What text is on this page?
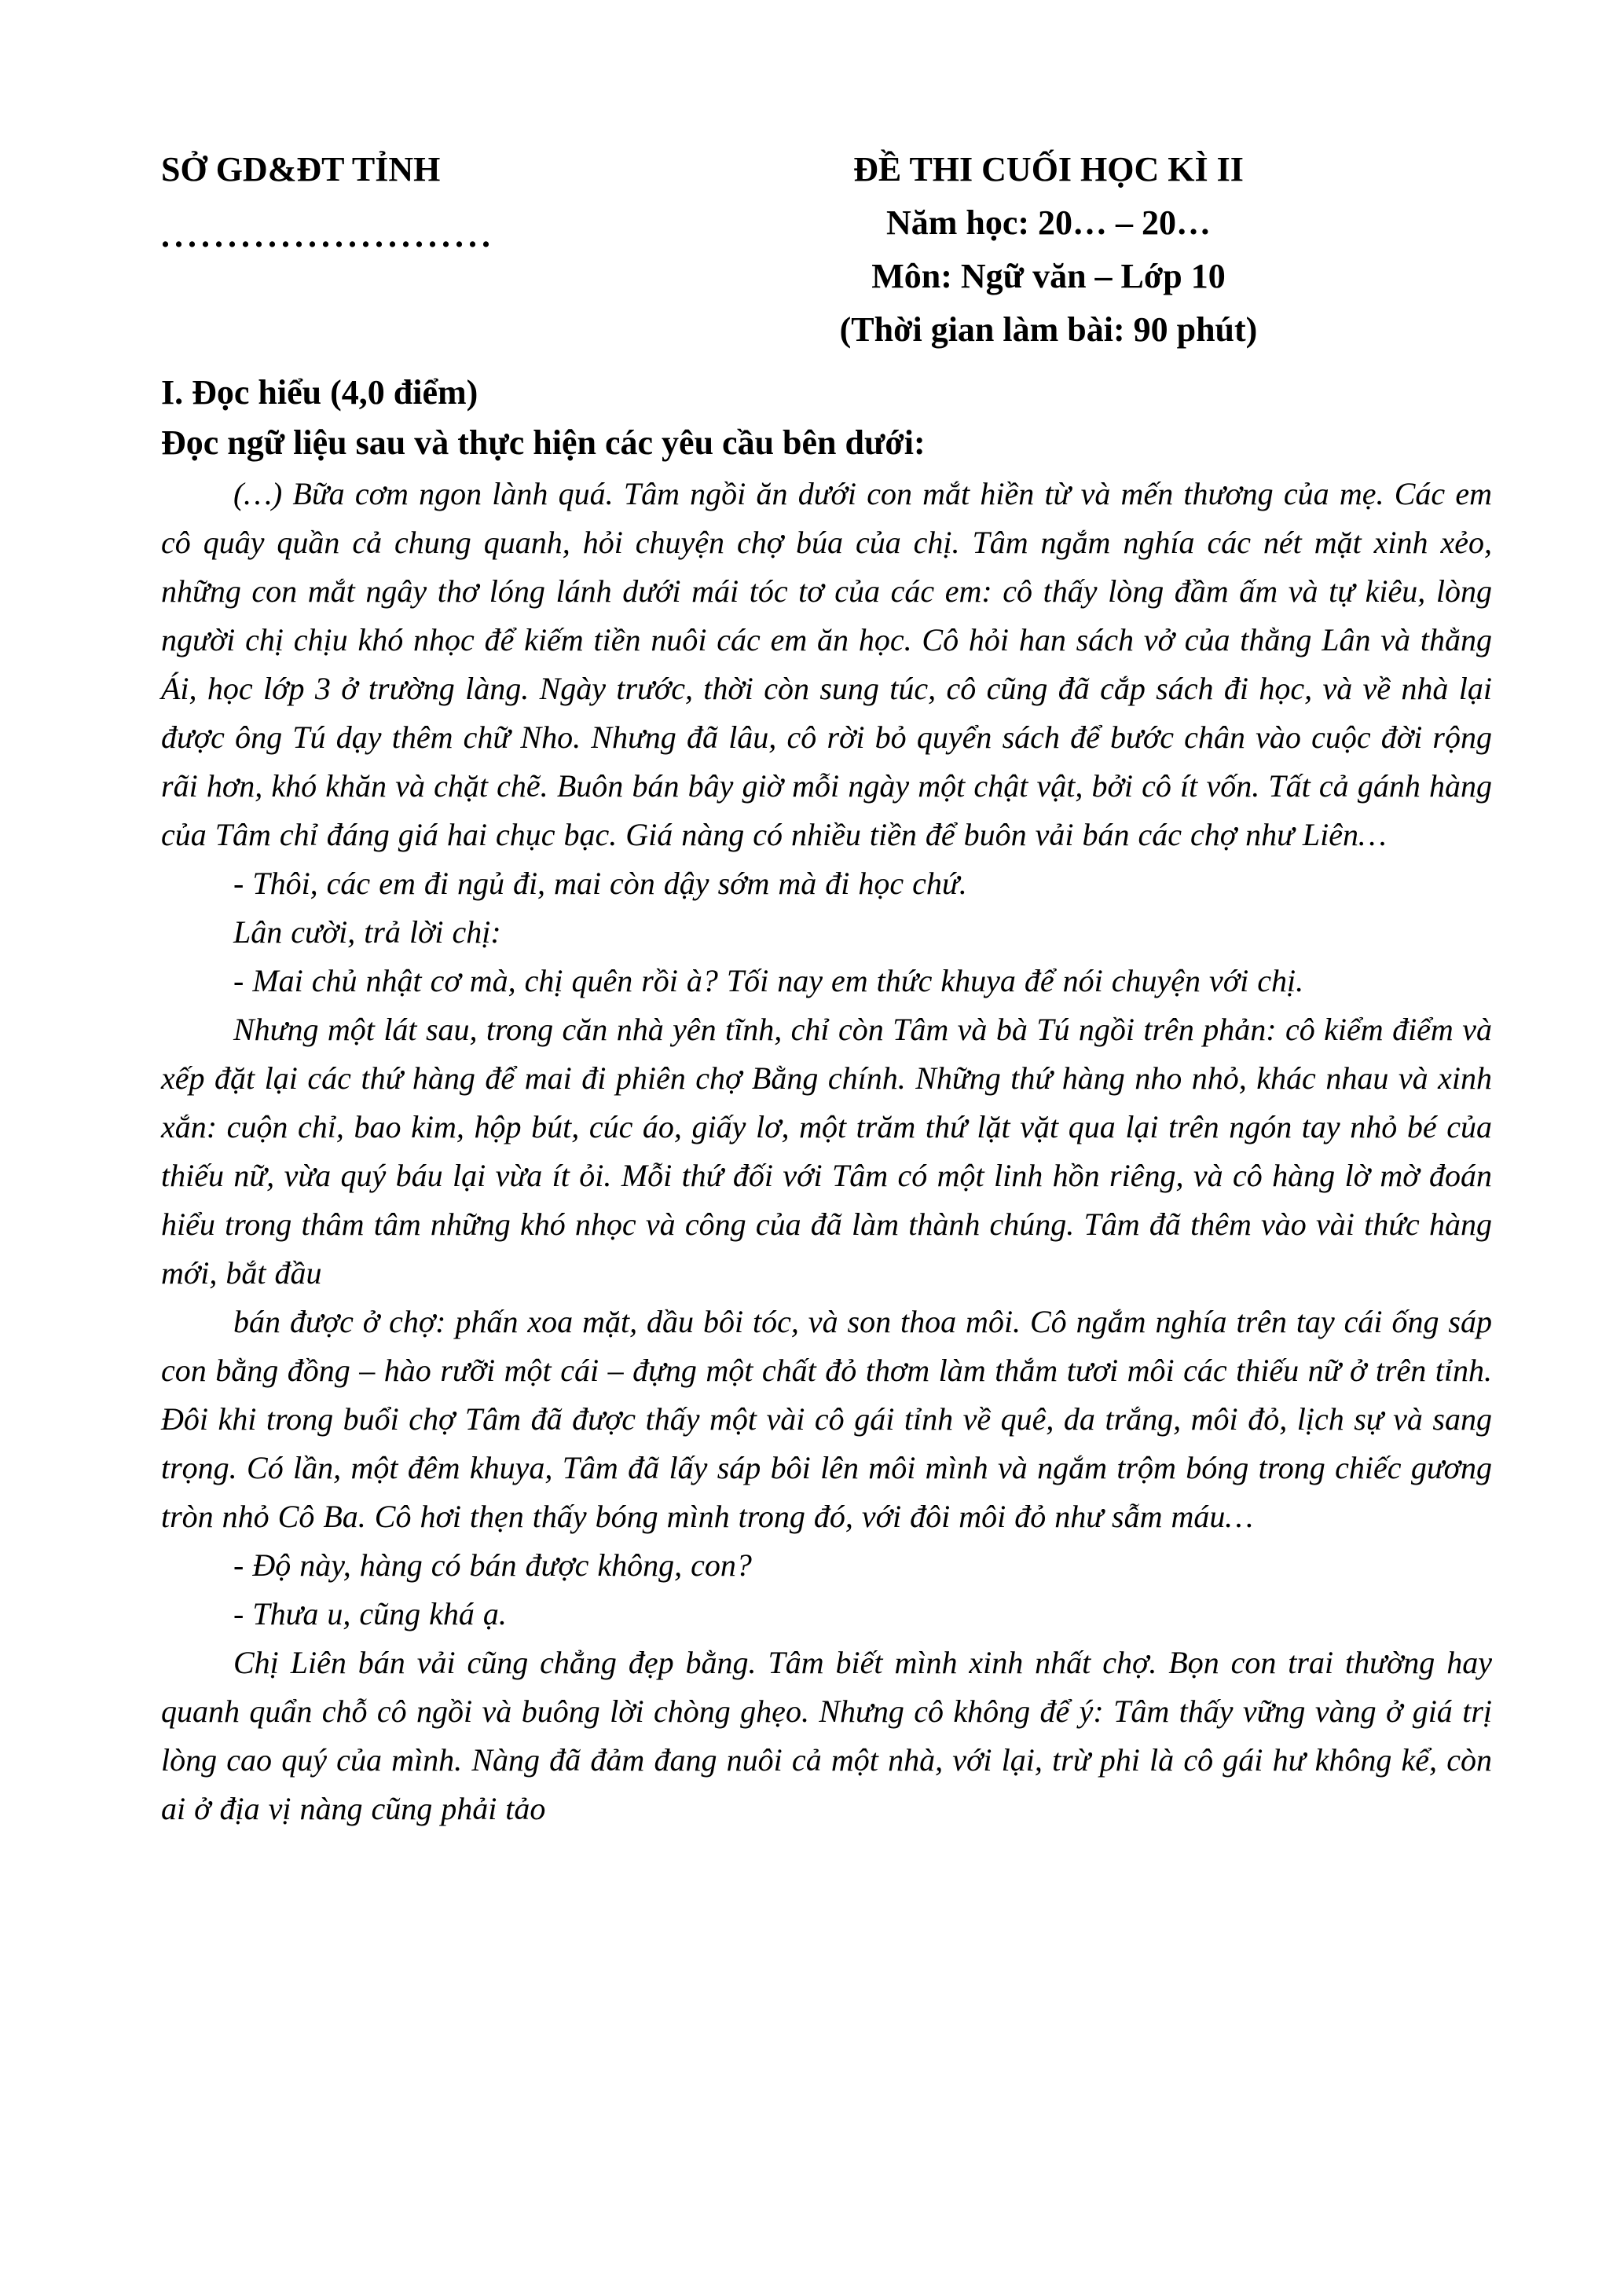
SỞ GD&ĐT TỈNH
.........................
ĐỀ THI CUỐI HỌC KÌ II
Năm học: 20… – 20…
Môn: Ngữ văn – Lớp 10
(Thời gian làm bài: 90 phút)

I. Đọc hiểu (4,0 điểm)

Đọc ngữ liệu sau và thực hiện các yêu cầu bên dưới:

(…) Bữa cơm ngon lành quá. Tâm ngồi ăn dưới con mắt hiền từ và mến thương của mẹ. Các em cô quây quần cả chung quanh, hỏi chuyện chợ búa của chị. Tâm ngắm nghía các nét mặt xinh xẻo, những con mắt ngây thơ lóng lánh dưới mái tóc tơ của các em: cô thấy lòng đầm ấm và tự kiêu, lòng người chị chịu khó nhọc để kiếm tiền nuôi các em ăn học. Cô hỏi han sách vở của thằng Lân và thằng Ái, học lớp 3 ở trường làng. Ngày trước, thời còn sung túc, cô cũng đã cắp sách đi học, và về nhà lại được ông Tú dạy thêm chữ Nho. Nhưng đã lâu, cô rời bỏ quyển sách để bước chân vào cuộc đời rộng rãi hơn, khó khăn và chặt chẽ. Buôn bán bây giờ mỗi ngày một chật vật, bởi cô ít vốn. Tất cả gánh hàng của Tâm chỉ đáng giá hai chục bạc. Giá nàng có nhiều tiền để buôn vải bán các chợ như Liên…

- Thôi, các em đi ngủ đi, mai còn dậy sớm mà đi học chứ.

Lân cười, trả lời chị:

- Mai chủ nhật cơ mà, chị quên rồi à? Tối nay em thức khuya để nói chuyện với chị.

Nhưng một lát sau, trong căn nhà yên tĩnh, chỉ còn Tâm và bà Tú ngồi trên phản: cô kiểm điểm và xếp đặt lại các thứ hàng để mai đi phiên chợ Bằng chính. Những thứ hàng nho nhỏ, khác nhau và xinh xắn: cuộn chỉ, bao kim, hộp bút, cúc áo, giấy lơ, một trăm thứ lặt vặt qua lại trên ngón tay nhỏ bé của thiếu nữ, vừa quý báu lại vừa ít ỏi. Mỗi thứ đối với Tâm có một linh hồn riêng, và cô hàng lờ mờ đoán hiểu trong thâm tâm những khó nhọc và công của đã làm thành chúng. Tâm đã thêm vào vài thức hàng mới, bắt đầu

bán được ở chợ: phấn xoa mặt, dầu bôi tóc, và son thoa môi. Cô ngắm nghía trên tay cái ống sáp con bằng đồng – hào rưỡi một cái – đựng một chất đỏ thơm làm thắm tươi môi các thiếu nữ ở trên tỉnh. Đôi khi trong buổi chợ Tâm đã được thấy một vài cô gái tỉnh về quê, da trắng, môi đỏ, lịch sự và sang trọng. Có lần, một đêm khuya, Tâm đã lấy sáp bôi lên môi mình và ngắm trộm bóng trong chiếc gương tròn nhỏ Cô Ba. Cô hơi thẹn thấy bóng mình trong đó, với đôi môi đỏ như sẫm máu…

- Độ này, hàng có bán được không, con?

- Thưa u, cũng khá ạ.

Chị Liên bán vải cũng chẳng đẹp bằng. Tâm biết mình xinh nhất chợ. Bọn con trai thường hay quanh quẩn chỗ cô ngồi và buông lời chòng ghẹo. Nhưng cô không để ý: Tâm thấy vững vàng ở giá trị lòng cao quý của mình. Nàng đã đảm đang nuôi cả một nhà, với lại, trừ phi là cô gái hư không kể, còn ai ở địa vị nàng cũng phải tảo
